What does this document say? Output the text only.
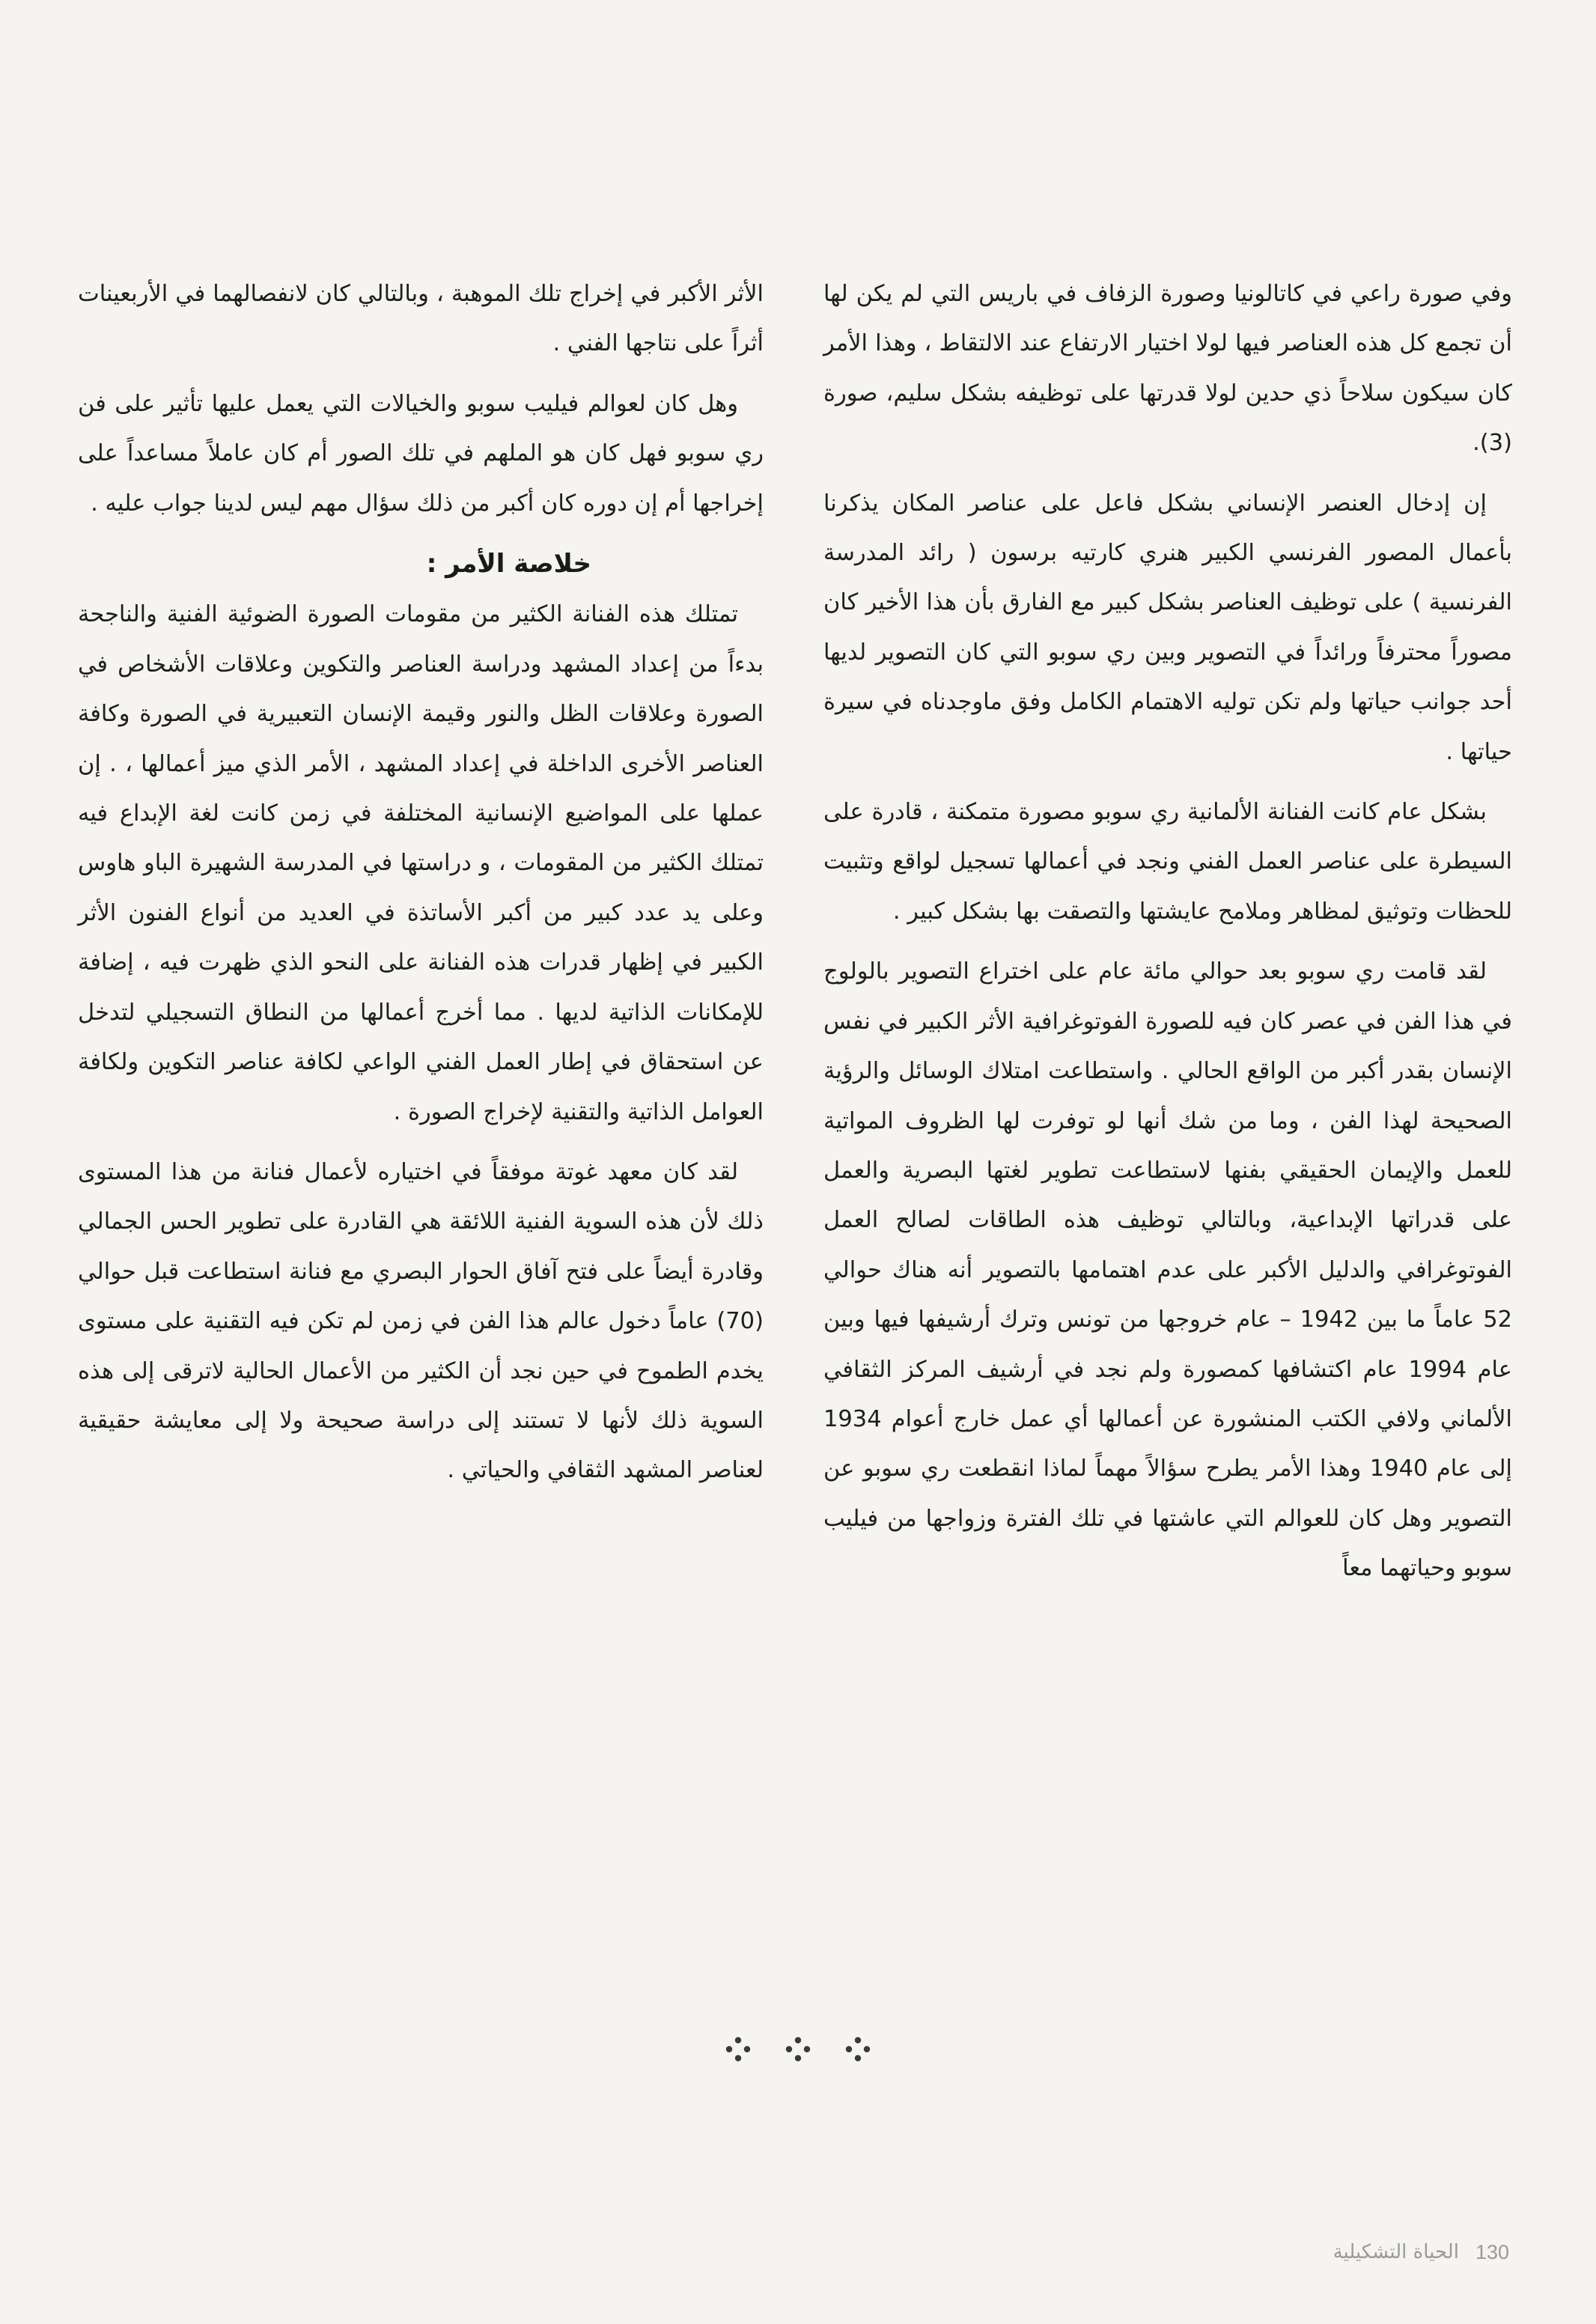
وفي صورة راعي في كاتالونيا وصورة الزفاف في باريس التي لم يكن لها أن تجمع كل هذه العناصر فيها لولا اختيار الارتفاع عند الالتقاط ، وهذا الأمر كان سيكون سلاحاً ذي حدين لولا قدرتها على توظيفه بشكل سليم، صورة (3).

إن إدخال العنصر الإنساني بشكل فاعل على عناصر المكان يذكرنا بأعمال المصور الفرنسي الكبير هنري كارتيه برسون ( رائد المدرسة الفرنسية ) على توظيف العناصر بشكل كبير مع الفارق بأن هذا الأخير كان مصوراً محترفاً ورائداً في التصوير وبين ري سوبو التي كان التصوير لديها أحد جوانب حياتها ولم تكن توليه الاهتمام الكامل وفق ماوجدناه في سيرة حياتها .

بشكل عام كانت الفنانة الألمانية ري سوبو مصورة متمكنة ، قادرة على السيطرة على عناصر العمل الفني ونجد في أعمالها تسجيل لواقع وتثبيت للحظات وتوثيق لمظاهر وملامح عايشتها والتصقت بها بشكل كبير .

لقد قامت ري سوبو بعد حوالي مائة عام على اختراع التصوير بالولوج في هذا الفن في عصر كان فيه للصورة الفوتوغرافية الأثر الكبير في نفس الإنسان بقدر أكبر من الواقع الحالي . واستطاعت امتلاك الوسائل والرؤية الصحيحة لهذا الفن ، وما من شك أنها لو توفرت لها الظروف المواتية للعمل والإيمان الحقيقي بفنها لاستطاعت تطوير لغتها البصرية والعمل على قدراتها الإبداعية، وبالتالي توظيف هذه الطاقات لصالح العمل الفوتوغرافي والدليل الأكبر على عدم اهتمامها بالتصوير أنه هناك حوالي 52 عاماً ما بين 1942 – عام خروجها من تونس وترك أرشيفها فيها وبين عام 1994 عام اكتشافها كمصورة ولم نجد في أرشيف المركز الثقافي الألماني ولافي الكتب المنشورة عن أعمالها أي عمل خارج أعوام 1934 إلى عام 1940 وهذا الأمر يطرح سؤالاً مهماً لماذا انقطعت ري سوبو عن التصوير وهل كان للعوالم التي عاشتها في تلك الفترة وزواجها من فيليب سوبو وحياتهما معاً

الأثر الأكبر في إخراج تلك الموهبة ، وبالتالي كان لانفصالهما في الأربعينات أثراً على نتاجها الفني .

وهل كان لعوالم فيليب سوبو والخيالات التي يعمل عليها تأثير على فن ري سوبو فهل كان هو الملهم في تلك الصور أم كان عاملاً مساعداً على إخراجها أم إن دوره كان أكبر من ذلك سؤال مهم ليس لدينا جواب عليه .

خلاصة الأمر :

تمتلك هذه الفنانة الكثير من مقومات الصورة الضوئية الفنية والناجحة بدءاً من إعداد المشهد ودراسة العناصر والتكوين وعلاقات الأشخاص في الصورة وعلاقات الظل والنور وقيمة الإنسان التعبيرية في الصورة وكافة العناصر الأخرى الداخلة في إعداد المشهد ، الأمر الذي ميز أعمالها ، . إن عملها على المواضيع الإنسانية المختلفة في زمن كانت لغة الإبداع فيه تمتلك الكثير من المقومات ، و دراستها في المدرسة الشهيرة الباو هاوس وعلى يد عدد كبير من أكبر الأساتذة في العديد من أنواع الفنون الأثر الكبير في إظهار قدرات هذه الفنانة على النحو الذي ظهرت فيه ، إضافة للإمكانات الذاتية لديها . مما أخرج أعمالها من النطاق التسجيلي لتدخل عن استحقاق في إطار العمل الفني الواعي لكافة عناصر التكوين ولكافة العوامل الذاتية والتقنية لإخراج الصورة .

لقد كان معهد غوتة موفقاً في اختياره لأعمال فنانة من هذا المستوى ذلك لأن هذه السوية الفنية اللائقة هي القادرة على تطوير الحس الجمالي وقادرة أيضاً على فتح آفاق الحوار البصري مع فنانة استطاعت قبل حوالي (70) عاماً دخول عالم هذا الفن في زمن لم تكن فيه التقنية على مستوى يخدم الطموح في حين نجد أن الكثير من الأعمال الحالية لاترقى إلى هذه السوية ذلك لأنها لا تستند إلى دراسة صحيحة ولا إلى معايشة حقيقية لعناصر المشهد الثقافي والحياتي .

130
الحياة التشكيلية
